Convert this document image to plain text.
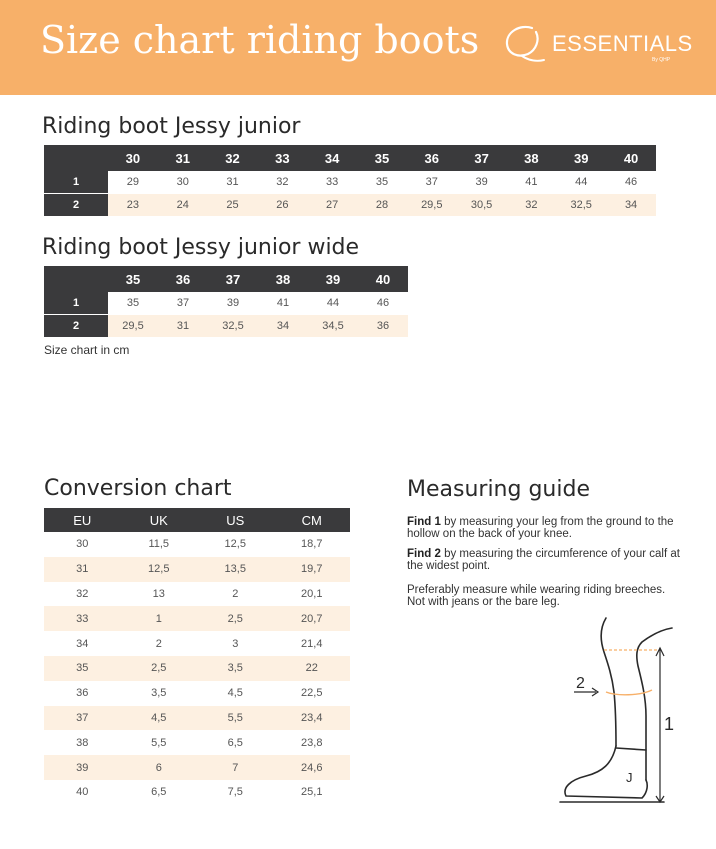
Size chart riding boots	ESSENTIALS
By QHP
Riding boot Jessy junior
	30	31	32	33	34	35	36	37	38	39	40
1	29	30	31	32	33	35	37	39	41	44	46
2	23	24	25	26	27	28	29,5	30,5	32	32,5	34
Riding boot Jessy junior wide
	35	36	37	38	39	40
1	35	37	39	41	44	46
2	29,5	31	32,5	34	34,5	36
Size chart in cm
Conversion chart
EU	UK	US	CM
30	11,5	12,5	18,7
31	12,5	13,5	19,7
32	13	2	20,1
33	1	2,5	20,7
34	2	3	21,4
35	2,5	3,5	22
36	3,5	4,5	22,5
37	4,5	5,5	23,4
38	5,5	6,5	23,8
39	6	7	24,6
40	6,5	7,5	25,1
Measuring guide
Find 1 by measuring your leg from the ground to the hollow on the back of your knee.
Find 2 by measuring the circumference of your calf at the widest point.
Preferably measure while wearing riding breeches. Not with jeans or the bare leg.
1
2
J
